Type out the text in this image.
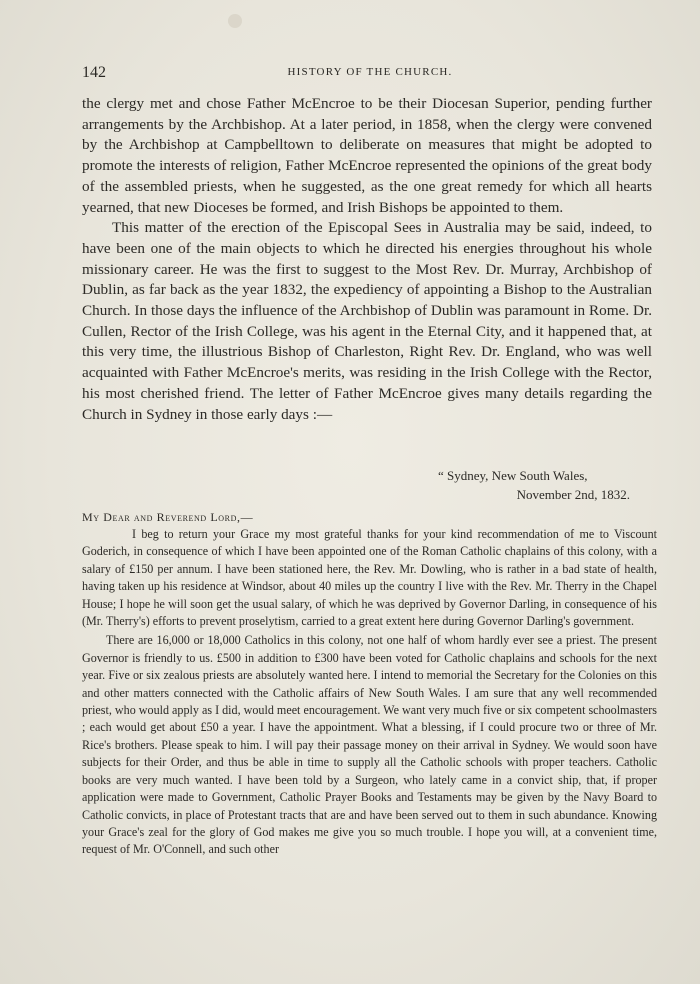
142	HISTORY OF THE CHURCH.

the clergy met and chose Father McEncroe to be their Diocesan Superior, pending further arrangements by the Archbishop. At a later period, in 1858, when the clergy were convened by the Archbishop at Campbelltown to deliberate on measures that might be adopted to promote the interests of religion, Father McEncroe represented the opinions of the great body of the assembled priests, when he suggested, as the one great remedy for which all hearts yearned, that new Dioceses be formed, and Irish Bishops be appointed to them.

This matter of the erection of the Episcopal Sees in Australia may be said, indeed, to have been one of the main objects to which he directed his energies throughout his whole missionary career. He was the first to suggest to the Most Rev. Dr. Murray, Archbishop of Dublin, as far back as the year 1832, the expediency of appointing a Bishop to the Australian Church. In those days the influence of the Archbishop of Dublin was paramount in Rome. Dr. Cullen, Rector of the Irish College, was his agent in the Eternal City, and it happened that, at this very time, the illustrious Bishop of Charleston, Right Rev. Dr. England, who was well acquainted with Father McEncroe's merits, was residing in the Irish College with the Rector, his most cherished friend. The letter of Father McEncroe gives many details regarding the Church in Sydney in those early days :—

“ Sydney, New South Wales,
November 2nd, 1832.
My Dear and Reverend Lord,—

I beg to return your Grace my most grateful thanks for your kind recommendation of me to Viscount Goderich, in consequence of which I have been appointed one of the Roman Catholic chaplains of this colony, with a salary of £150 per annum. I have been stationed here, the Rev. Mr. Dowling, who is rather in a bad state of health, having taken up his residence at Windsor, about 40 miles up the country I live with the Rev. Mr. Therry in the Chapel House; I hope he will soon get the usual salary, of which he was deprived by Governor Darling, in consequence of his (Mr. Therry's) efforts to prevent proselytism, carried to a great extent here during Governor Darling's government.

There are 16,000 or 18,000 Catholics in this colony, not one half of whom hardly ever see a priest. The present Governor is friendly to us. £500 in addition to £300 have been voted for Catholic chaplains and schools for the next year. Five or six zealous priests are absolutely wanted here. I intend to memorial the Secretary for the Colonies on this and other matters connected with the Catholic affairs of New South Wales. I am sure that any well recommended priest, who would apply as I did, would meet encouragement. We want very much five or six competent schoolmasters ; each would get about £50 a year. I have the appointment. What a blessing, if I could procure two or three of Mr. Rice's brothers. Please speak to him. I will pay their passage money on their arrival in Sydney. We would soon have subjects for their Order, and thus be able in time to supply all the Catholic schools with proper teachers. Catholic books are very much wanted. I have been told by a Surgeon, who lately came in a convict ship, that, if proper application were made to Government, Catholic Prayer Books and Testaments may be given by the Navy Board to Catholic convicts, in place of Protestant tracts that are and have been served out to them in such abundance. Knowing your Grace's zeal for the glory of God makes me give you so much trouble. I hope you will, at a convenient time, request of Mr. O'Connell, and such other
